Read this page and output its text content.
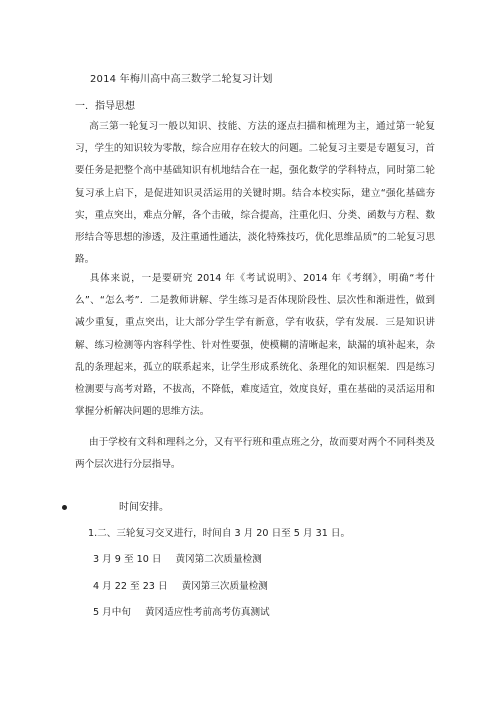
2014 年梅川高中高三数学二轮复习计划
一．指导思想
高三第一轮复习一般以知识、技能、方法的逐点扫描和梳理为主，通过第一轮复习，学生的知识较为零散，综合应用存在较大的问题。二轮复习主要是专题复习，首要任务是把整个高中基础知识有机地结合在一起，强化数学的学科特点，同时第二轮复习承上启下，是促进知识灵活运用的关键时期。结合本校实际，建立“强化基础夯实，重点突出，难点分解，各个击破，综合提高，注重化归、分类、函数与方程、数形结合等思想的渗透，及注重通性通法，淡化特殊技巧，优化思维品质”的二轮复习思路。
具体来说，一是要研究 2014 年《考试说明》、2014 年《考纲》，明确“考什么”、“怎么考”．二是教师讲解、学生练习是否体现阶段性、层次性和渐进性，做到减少重复，重点突出，让大部分学生学有新意，学有收获，学有发展．三是知识讲解、练习检测等内容科学性、针对性要强，使模糊的清晰起来，缺漏的填补起来，杂乱的条理起来，孤立的联系起来，让学生形成系统化、条理化的知识框架．四是练习检测要与高考对路，不拔高，不降低，难度适宜，效度良好，重在基础的灵活运用和掌握分析解决问题的思维方法。
由于学校有文科和理科之分，又有平行班和重点班之分，故而要对两个不同科类及两个层次进行分层指导。
时间安排。
1.二、三轮复习交叉进行，时间自 3 月 20 日至 5 月 31 日。
3 月 9 至 10 日 黄冈第二次质量检测
4 月 22 至 23 日 黄冈第三次质量检测
5 月中旬 黄冈适应性考前高考仿真测试
